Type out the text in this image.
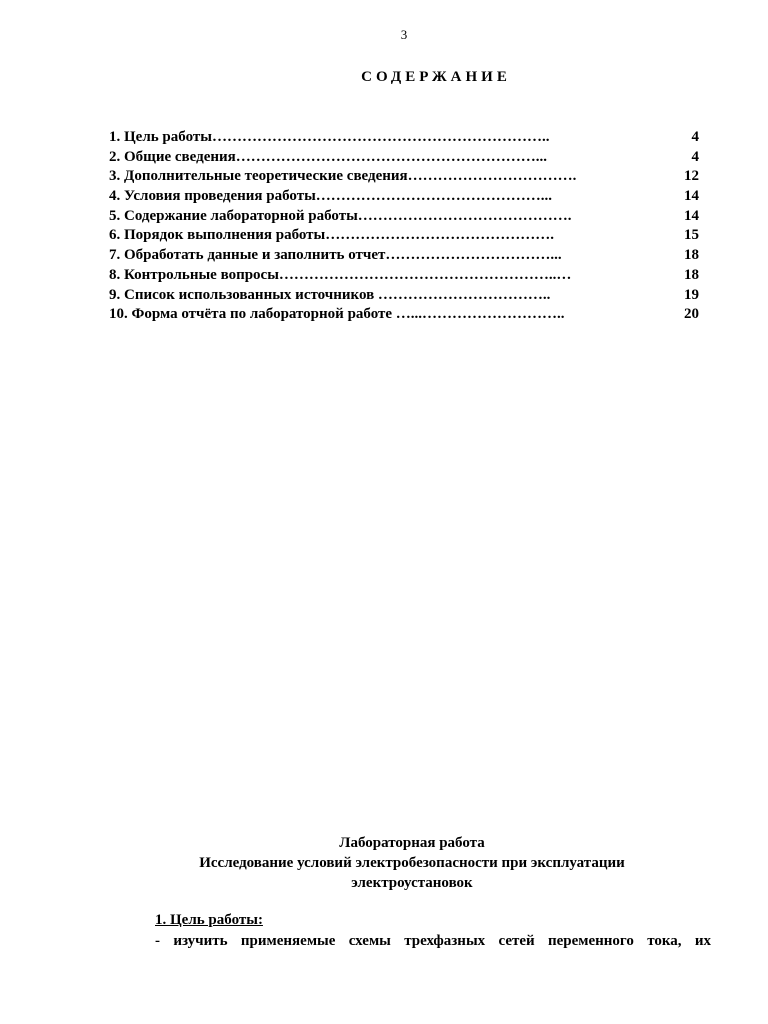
3
СОДЕРЖАНИЕ
1. Цель работы…………………………………………………………..	4
2. Общие сведения……………………………………………………...	4
3. Дополнительные теоретические сведения…………………………….	12
4. Условия проведения работы………………………………………...	14
5. Содержание лабораторной работы…………………………………….	14
6. Порядок выполнения работы……………………………………….	15
7. Обработать данные и заполнить отчет……………………………...	18
8. Контрольные вопросы………………………………………………..…	18
9. Список использованных источников ……………………………..	19
10. Форма отчёта по лабораторной работе …...………………………..	20
Лабораторная работа
Исследование условий электробезопасности при эксплуатации
электроустановок
1. Цель работы:
- изучить применяемые схемы трехфазных сетей переменного тока, их
